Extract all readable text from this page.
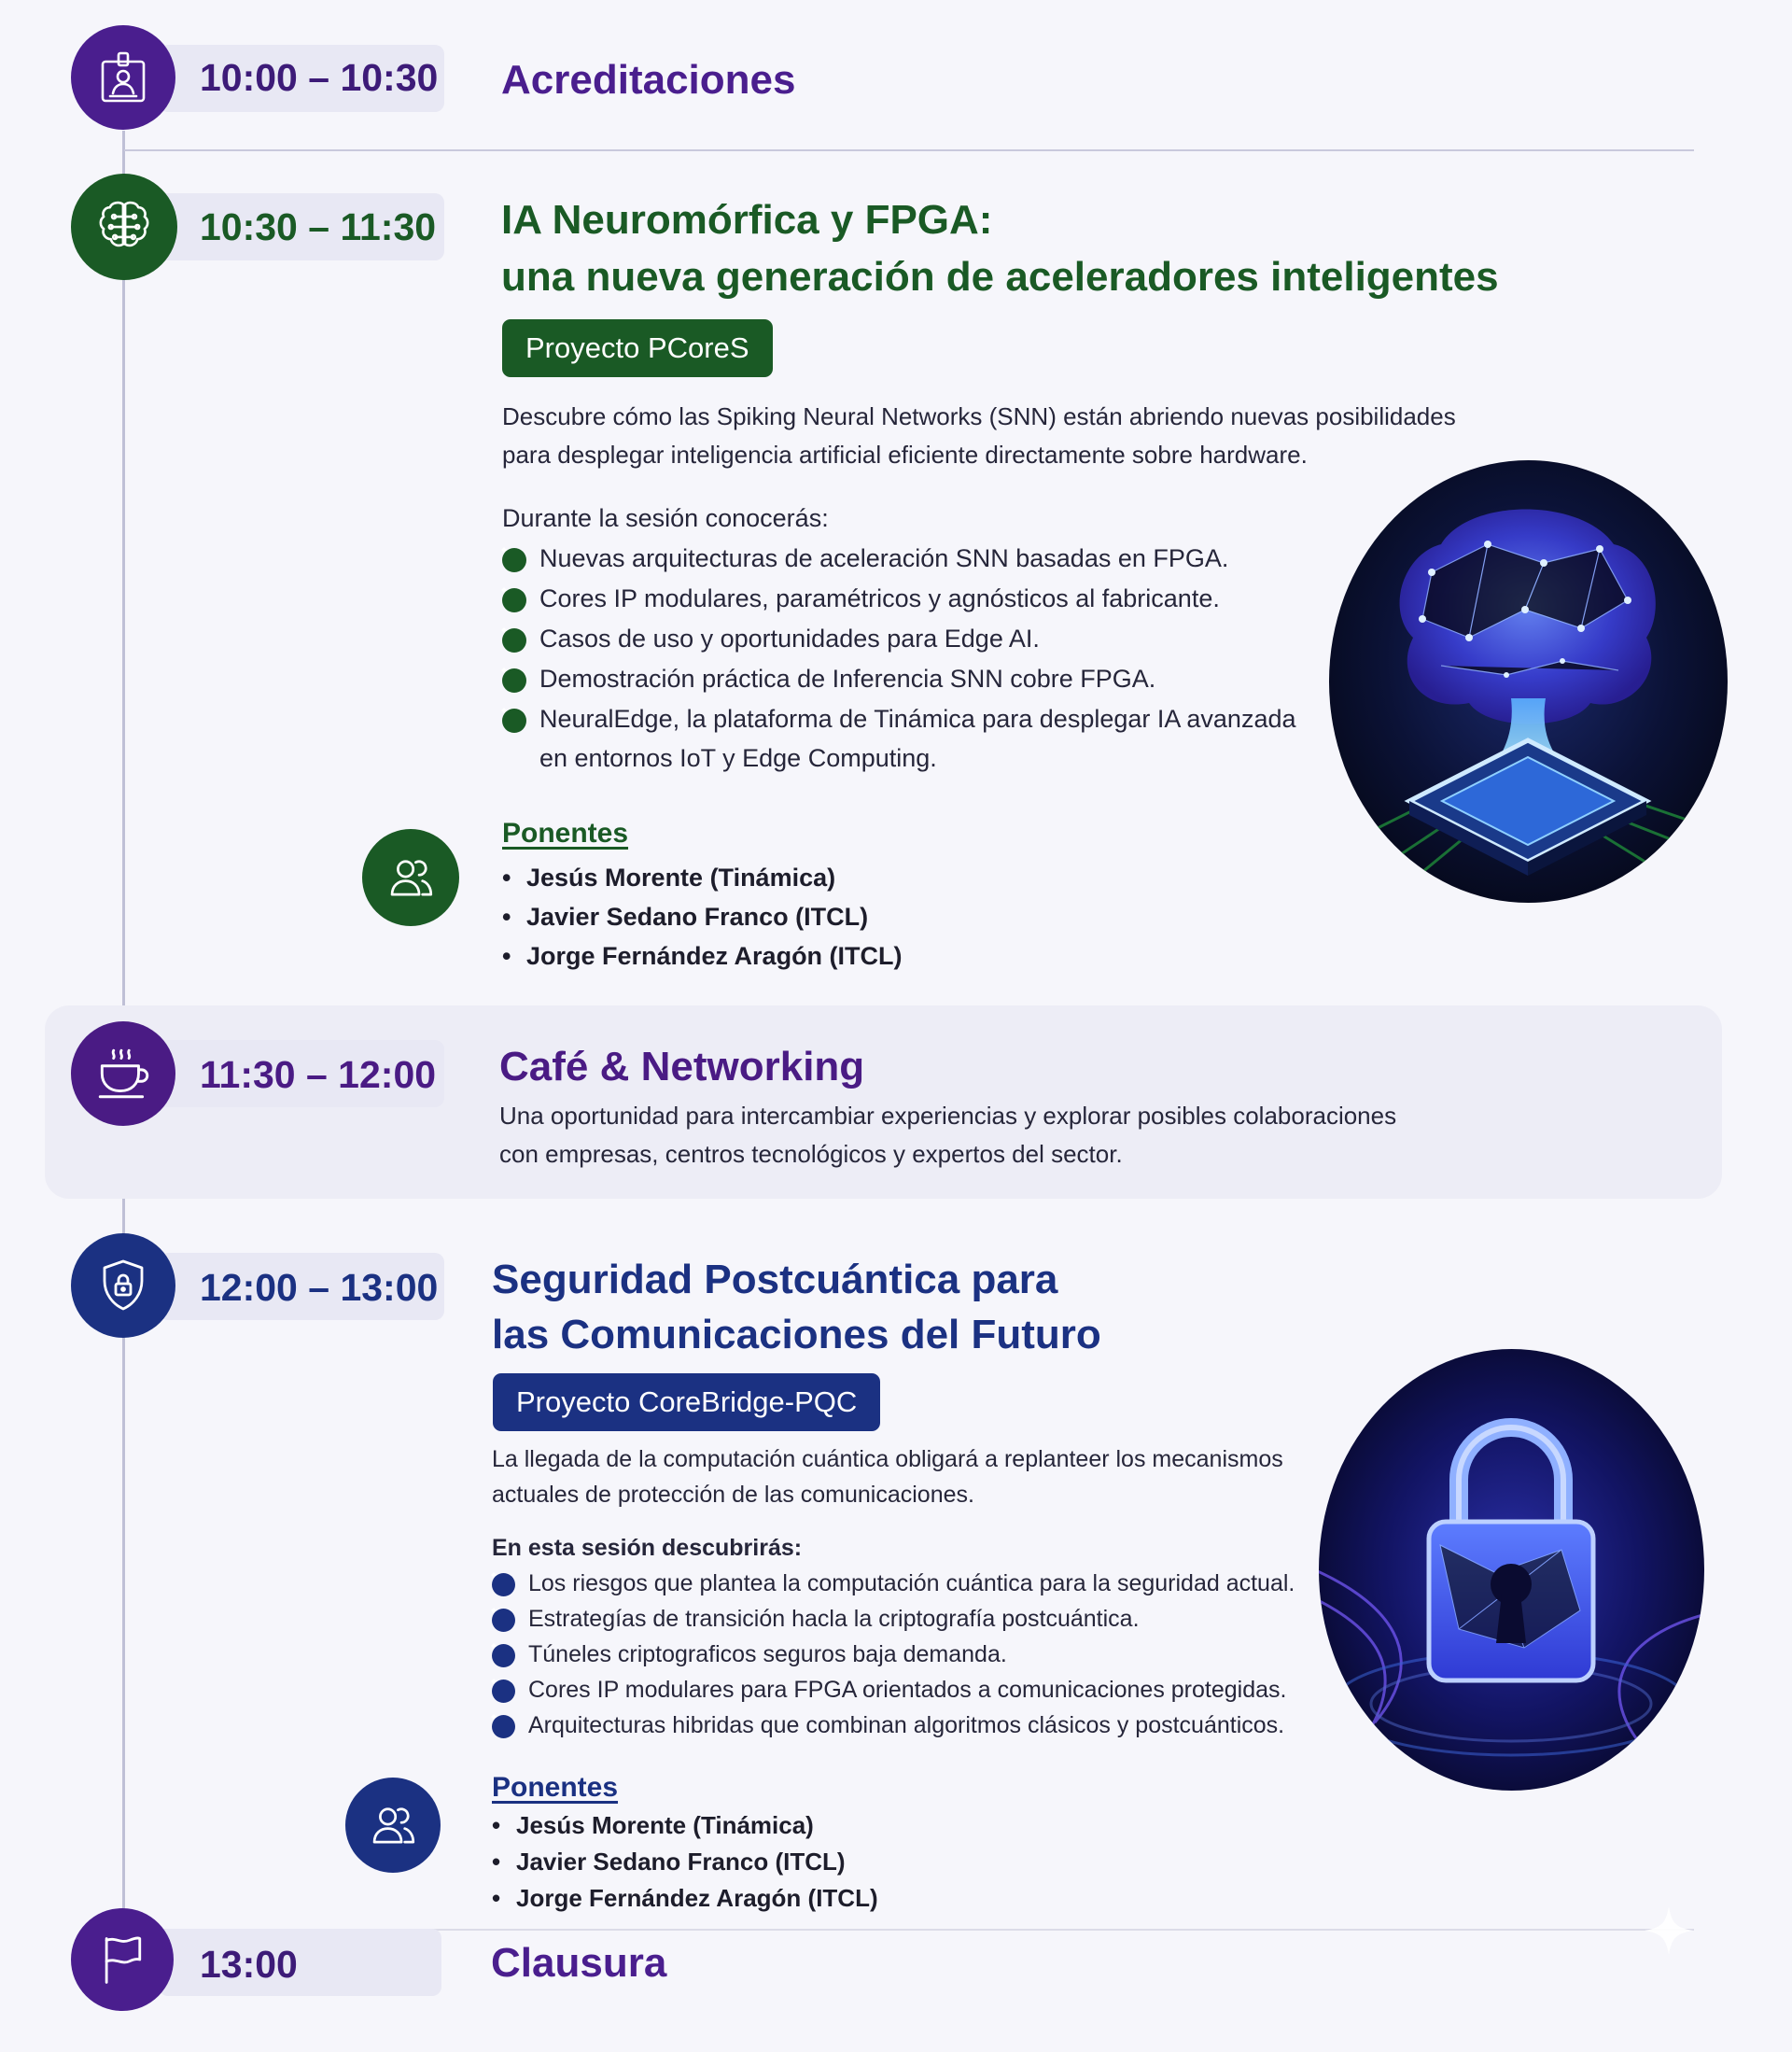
10:00 – 10:30 Acreditaciones
10:30 – 11:30 IA Neuromórfica y FPGA:
una nueva generación de aceleradores inteligentes
Proyecto PCoreS
Descubre cómo las Spiking Neural Networks (SNN) están abriendo nuevas posibilidades
para desplegar inteligencia artificial eficiente directamente sobre hardware.
Durante la sesión conocerás:
Nuevas arquitecturas de aceleración SNN basadas en FPGA.
Cores IP modulares, paramétricos y agnósticos al fabricante.
Casos de uso y oportunidades para Edge AI.
Demostración práctica de Inferencia SNN cobre FPGA.
NeuralEdge, la plataforma de Tinámica para desplegar IA avanzada
en entornos IoT y Edge Computing.
Ponentes
• Jesús Morente (Tinámica)
• Javier Sedano Franco (ITCL)
• Jorge Fernández Aragón (ITCL)
11:30 – 12:00 Café & Networking
Una oportunidad para intercambiar experiencias y explorar posibles colaboraciones
con empresas, centros tecnológicos y expertos del sector.
12:00 – 13:00 Seguridad Postcuántica para
las Comunicaciones del Futuro
Proyecto CoreBridge-PQC
La llegada de la computación cuántica obligará a replanteer los mecanismos
actuales de protección de las comunicaciones.
En esta sesión descubrirás:
Los riesgos que plantea la computación cuántica para la seguridad actual.
Estrategías de transición hacla la criptografía postcuántica.
Túneles criptograficos seguros baja demanda.
Cores IP modulares para FPGA orientados a comunicaciones protegidas.
Arquitecturas hibridas que combinan algoritmos clásicos y postcuánticos.
Ponentes
• Jesús Morente (Tinámica)
• Javier Sedano Franco (ITCL)
• Jorge Fernández Aragón (ITCL)
13:00	Clausura
